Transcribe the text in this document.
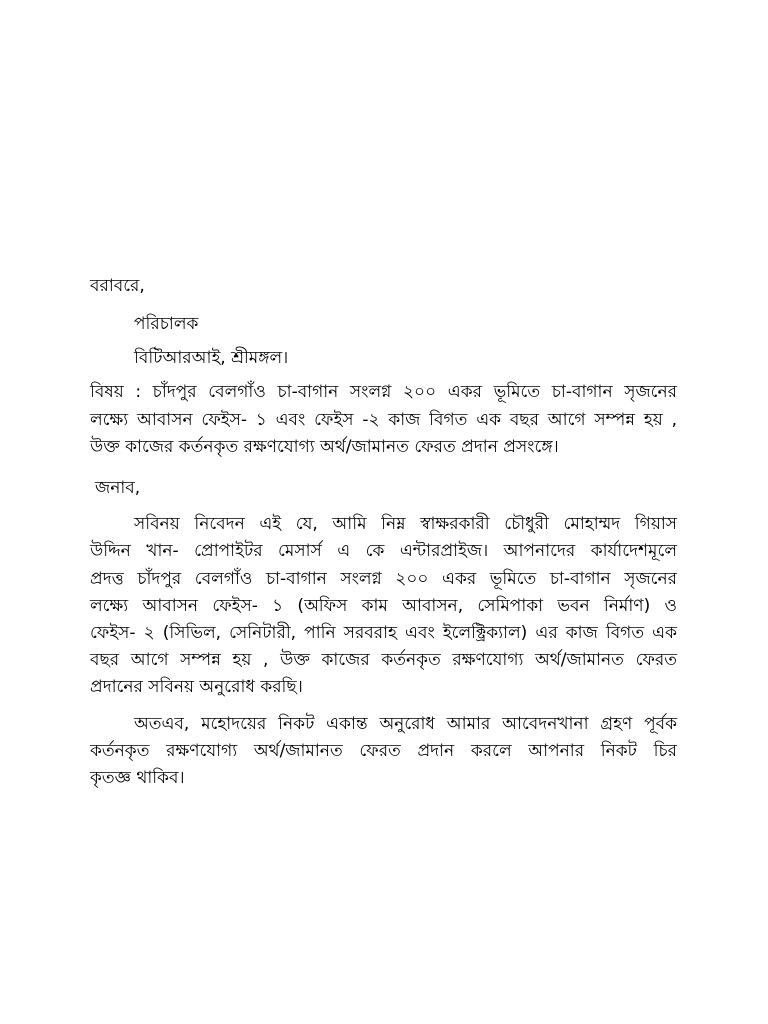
বরাবরে,
পরিচালক
বিটিআরআই, শ্রীমঙ্গল।
বিষয় : চাঁদপুর বেলগাঁও চা-বাগান সংলগ্ন ২০০ একর ভূমিতে চা-বাগান সৃজনের
লক্ষ্যে আবাসন ফেইস- ১ এবং ফেইস -২ কাজ বিগত এক বছর আগে সম্পন্ন হয় ,
উক্ত কাজের কর্তনকৃত রক্ষণযোগ্য অর্থ/জামানত ফেরত প্রদান প্রসংঙ্গে।
জনাব,
সবিনয় নিবেদন এই যে, আমি নিম্ন স্বাক্ষরকারী চৌধুরী মোহাম্মদ গিয়াস
উদ্দিন খান- প্রোপাইটর মেসার্স এ কে এন্টারপ্রাইজ। আপনাদের কার্যাদেশমূলে
প্রদত্ত চাঁদপুর বেলগাঁও চা-বাগান সংলগ্ন ২০০ একর ভূমিতে চা-বাগান সৃজনের
লক্ষ্যে আবাসন ফেইস- ১ (অফিস কাম আবাসন, সেমিপাকা ভবন নির্মাণ) ও
ফেইস- ২ (সিভিল, সেনিটারী, পানি সরবরাহ এবং ইলেক্ট্রিক্যাল) এর কাজ বিগত এক
বছর আগে সম্পন্ন হয় , উক্ত কাজের কর্তনকৃত রক্ষণযোগ্য অর্থ/জামানত ফেরত
প্রদানের সবিনয় অনুরোধ করছি।
অতএব, মহোদয়ের নিকট একান্ত অনুরোধ আমার আবেদনখানা গ্রহণ পূর্বক
কর্তনকৃত রক্ষণযোগ্য অর্থ/জামানত ফেরত প্রদান করলে আপনার নিকট চির
কৃতজ্ঞ থাকিব।
